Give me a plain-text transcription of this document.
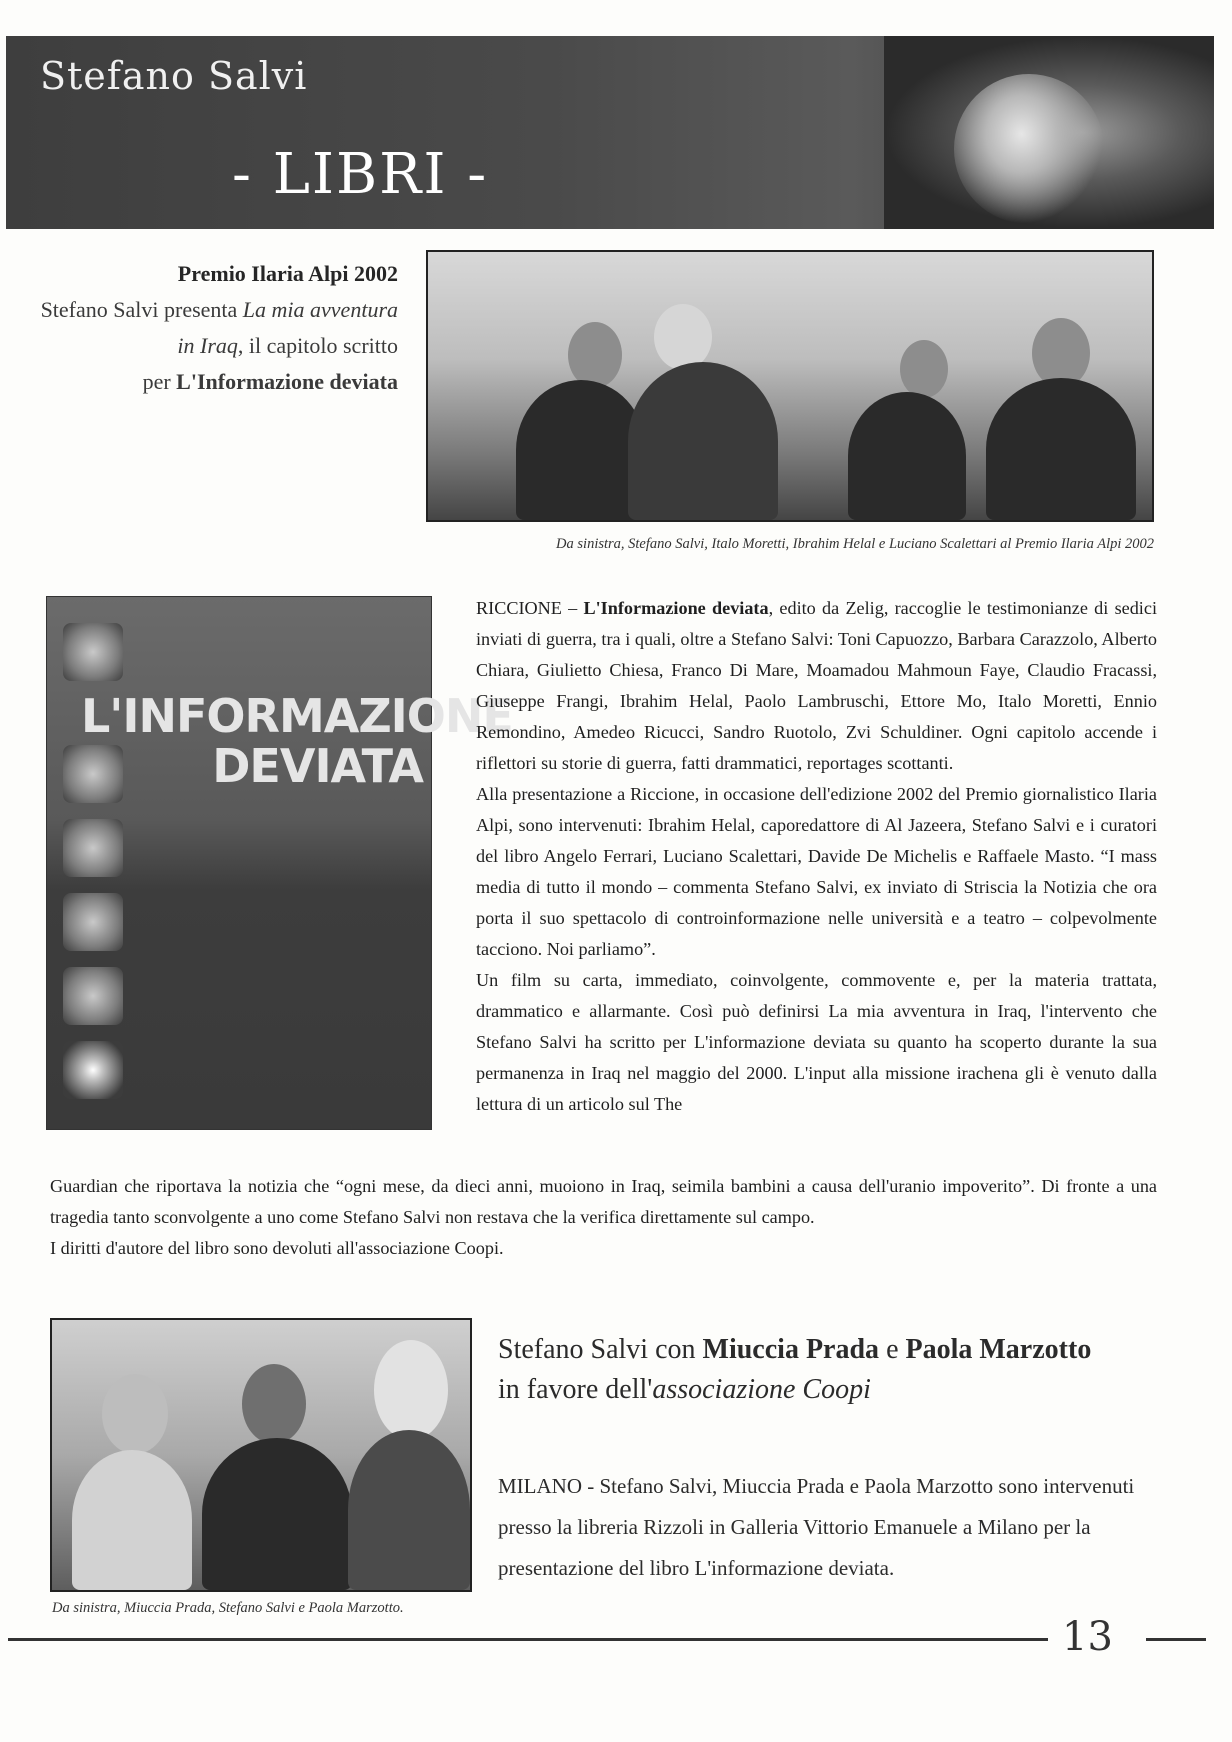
Stefano Salvi
- LIBRI -
Premio Ilaria Alpi 2002
Stefano Salvi presenta La mia avventura in Iraq, il capitolo scritto
per L'Informazione deviata
Da sinistra, Stefano Salvi, Italo Moretti, Ibrahim Helal e Luciano Scalettari al Premio Ilaria Alpi 2002
L'INFORMAZIONE
DEVIATA

RICCIONE – L'Informazione deviata, edito da Zelig, raccoglie le testimonianze di sedici inviati di guerra, tra i quali, oltre a Stefano Salvi: Toni Capuozzo, Barbara Carazzolo, Alberto Chiara, Giulietto Chiesa, Franco Di Mare, Moamadou Mahmoun Faye, Claudio Fracassi, Giuseppe Frangi, Ibrahim Helal, Paolo Lambruschi, Ettore Mo, Italo Moretti, Ennio Remondino, Amedeo Ricucci, Sandro Ruotolo, Zvi Schuldiner. Ogni capitolo accende i riflettori su storie di guerra, fatti drammatici, reportages scottanti.

Alla presentazione a Riccione, in occasione dell'edizione 2002 del Premio giornalistico Ilaria Alpi, sono intervenuti: Ibrahim Helal, caporedattore di Al Jazeera, Stefano Salvi e i curatori del libro Angelo Ferrari, Luciano Scalettari, Davide De Michelis e Raffaele Masto. “I mass media di tutto il mondo – commenta Stefano Salvi, ex inviato di Striscia la Notizia che ora porta il suo spettacolo di controinformazione nelle università e a teatro – colpevolmente tacciono. Noi parliamo”.

Un film su carta, immediato, coinvolgente, commovente e, per la materia trattata, drammatico e allarmante. Così può definirsi La mia avventura in Iraq, l'intervento che Stefano Salvi ha scritto per L'informazione deviata su quanto ha scoperto durante la sua permanenza in Iraq nel maggio del 2000. L'input alla missione irachena gli è venuto dalla lettura di un articolo sul The

Guardian che riportava la notizia che “ogni mese, da dieci anni, muoiono in Iraq, seimila bambini a causa dell'uranio impoverito”. Di fronte a una tragedia tanto sconvolgente a uno come Stefano Salvi non restava che la verifica direttamente sul campo.

I diritti d'autore del libro sono devoluti all'associazione Coopi.

Da sinistra, Miuccia Prada, Stefano Salvi e Paola Marzotto.
Stefano Salvi con Miuccia Prada e Paola Marzotto
in favore dell'associazione Coopi
MILANO - Stefano Salvi, Miuccia Prada e Paola Marzotto sono intervenuti presso la libreria Rizzoli in Galleria Vittorio Emanuele a Milano per la presentazione del libro L'informazione deviata.
13
